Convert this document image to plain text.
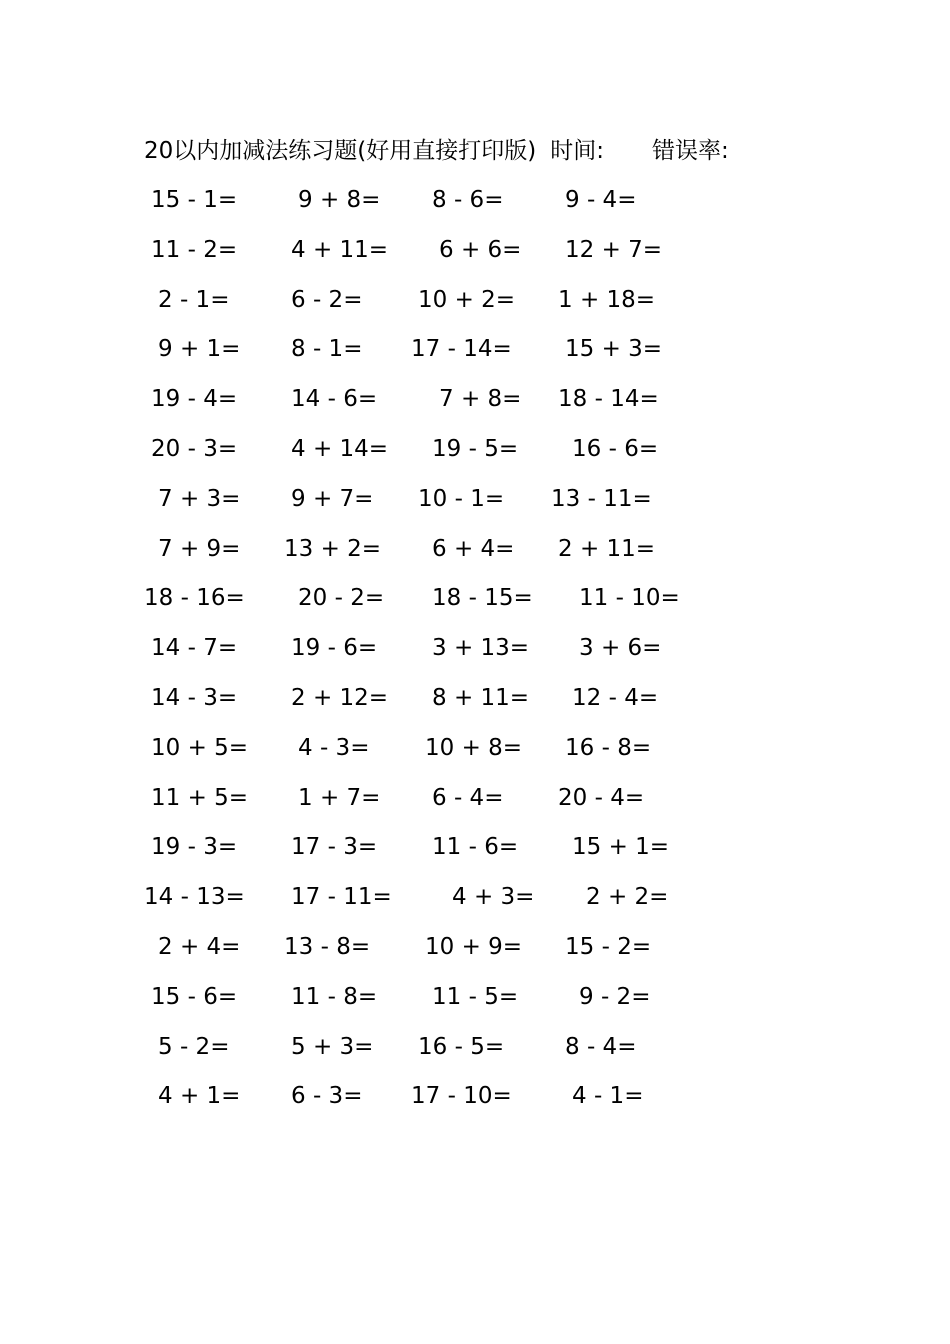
20以内加减法练习题(好用直接打印版) 时间: 错误率:
15 - 1=	9 + 8= 8 - 6=	9 - 4=
11 - 2= 4 + 11= 6 + 6= 12 + 7=
2 - 1=	6 - 2= 10 + 2= 1 + 18=
9 + 1= 8 - 1= 17 - 14= 15 + 3=
19 - 4= 14 - 6=	7 + 8= 18 - 14=
20 - 3= 4 + 14= 19 - 5= 16 - 6=
7 + 3= 9 + 7= 10 - 1= 13 - 11=
7 + 9= 13 + 2= 6 + 4= 2 + 11=
18 - 16= 20 - 2= 18 - 15= 11 - 10=
14 - 7= 19 - 6= 3 + 13= 3 + 6=
14 - 3= 2 + 12= 8 + 11= 12 - 4=
10 + 5= 4 - 3= 10 + 8= 16 - 8=
11 + 5= 1 + 7= 6 - 4= 20 - 4=
19 - 3= 17 - 3= 11 - 6= 15 + 1=
14 - 13= 17 - 11=	4 + 3= 2 + 2=
2 + 4= 13 - 8= 10 + 9= 15 - 2=
15 - 6= 11 - 8= 11 - 5=	9 - 2=
5 - 2=	5 + 3= 16 - 5=	8 - 4=
4 + 1= 6 - 3= 17 - 10=	4 - 1=
